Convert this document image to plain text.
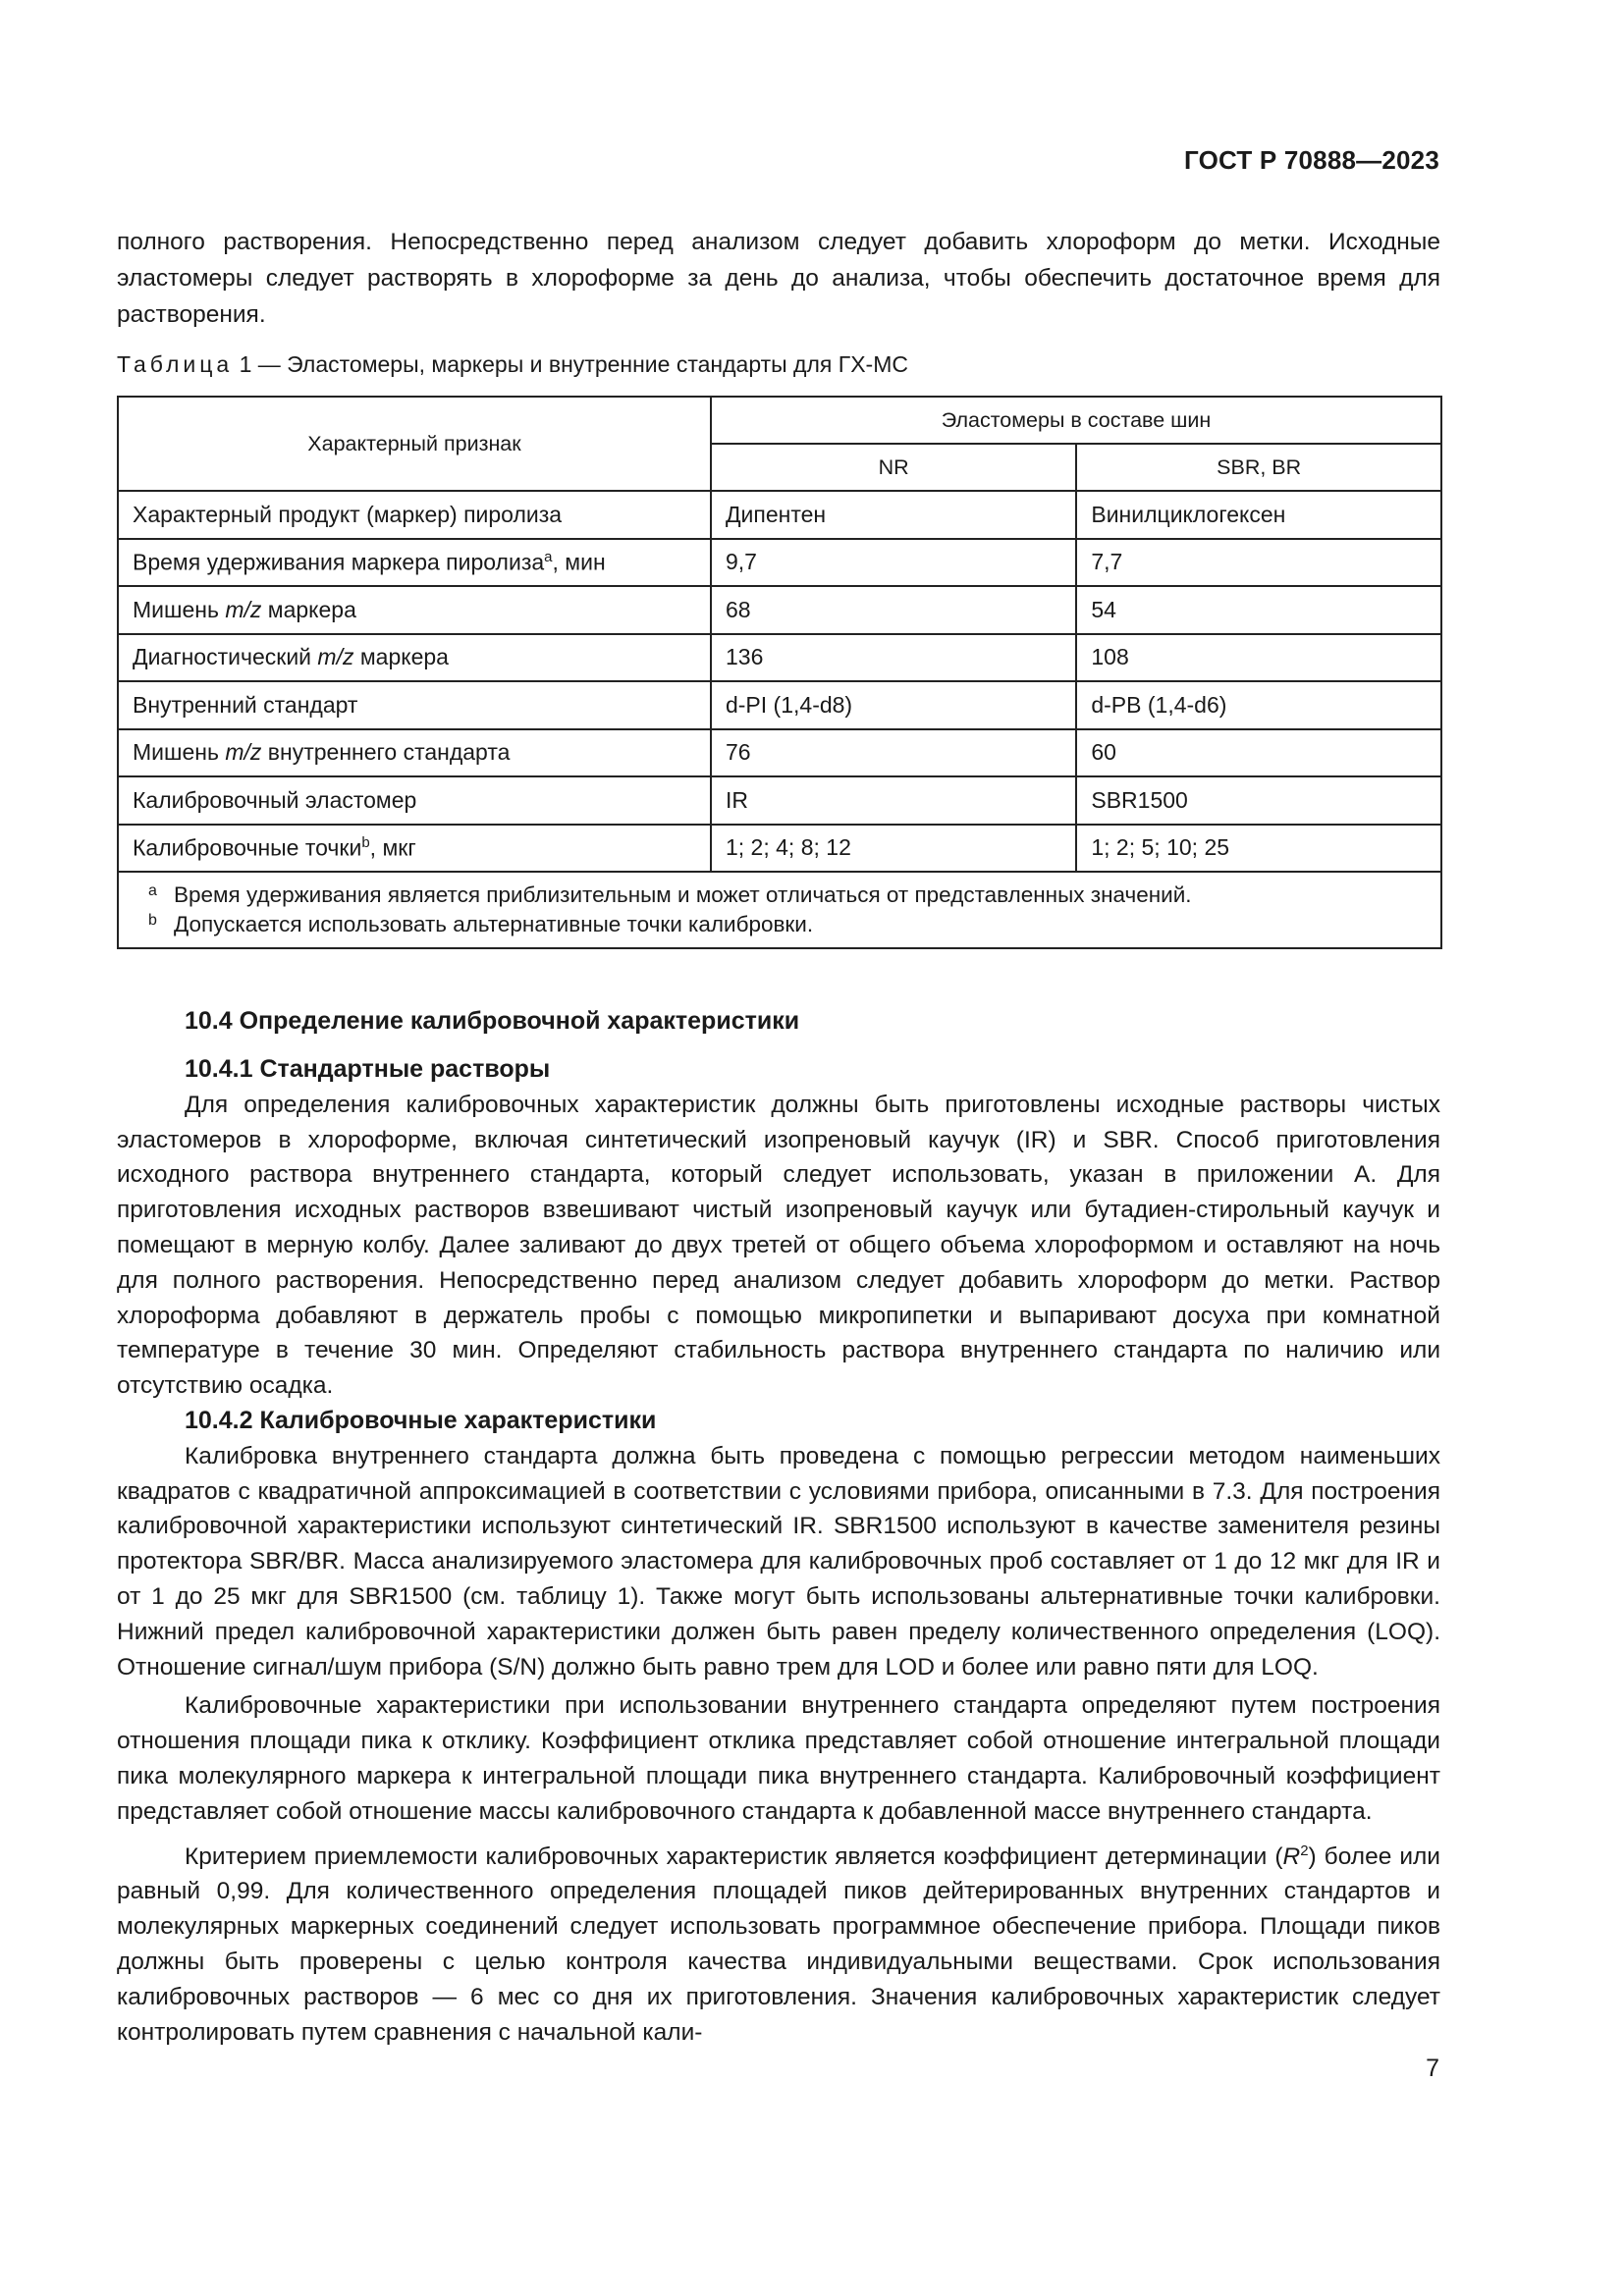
ГОСТ Р 70888—2023

полного растворения. Непосредственно перед анализом следует добавить хлороформ до метки. Исходные эластомеры следует растворять в хлороформе за день до анализа, чтобы обеспечить достаточное время для растворения.

Таблица 1 — Эластомеры, маркеры и внутренние стандарты для ГХ-МС
Характерный признак	Эластомеры в составе шин	
	NR	SBR, BR
Характерный продукт (маркер) пиролиза	Дипентен	Винилциклогексен
Время удерживания маркера пиролиза$^a$, мин	9,7	7,7
Мишень m/z маркера	68	54
Диагностический m/z маркера	136	108
Внутренний стандарт	d-PI (1,4-d8)	d-PB (1,4-d6)
Мишень m/z внутреннего стандарта	76	60
Калибровочный эластомер	IR	SBR1500
Калибровочные точки$^b$, мкг	1; 2; 4; 8; 12	1; 2; 5; 10; 25

a Время удерживания является приблизительным и может отличаться от представленных значений.
b Допускается использовать альтернативные точки калибровки.		
10.4 Определение калибровочной характеристики
10.4.1 Стандартные растворы

Для определения калибровочных характеристик должны быть приготовлены исходные растворы чистых эластомеров в хлороформе, включая синтетический изопреновый каучук (IR) и SBR. Способ приготовления исходного раствора внутреннего стандарта, который следует использовать, указан в приложении А. Для приготовления исходных растворов взвешивают чистый изопреновый каучук или бутадиен-стирольный каучук и помещают в мерную колбу. Далее заливают до двух третей от общего объема хлороформом и оставляют на ночь для полного растворения. Непосредственно перед анализом следует добавить хлороформ до метки. Раствор хлороформа добавляют в держатель пробы с помощью микропипетки и выпаривают досуха при комнатной температуре в течение 30 мин. Определяют стабильность раствора внутреннего стандарта по наличию или отсутствию осадка.

10.4.2 Калибровочные характеристики

Калибровка внутреннего стандарта должна быть проведена с помощью регрессии методом наименьших квадратов с квадратичной аппроксимацией в соответствии с условиями прибора, описанными в 7.3. Для построения калибровочной характеристики используют синтетический IR. SBR1500 используют в качестве заменителя резины протектора SBR/BR. Масса анализируемого эластомера для калибровочных проб составляет от 1 до 12 мкг для IR и от 1 до 25 мкг для SBR1500 (см. таблицу 1). Также могут быть использованы альтернативные точки калибровки. Нижний предел калибровочной характеристики должен быть равен пределу количественного определения (LOQ). Отношение сигнал/шум прибора (S/N) должно быть равно трем для LOD и более или равно пяти для LOQ.

Калибровочные характеристики при использовании внутреннего стандарта определяют путем построения отношения площади пика к отклику. Коэффициент отклика представляет собой отношение интегральной площади пика молекулярного маркера к интегральной площади пика внутреннего стандарта. Калибровочный коэффициент представляет собой отношение массы калибровочного стандарта к добавленной массе внутреннего стандарта.

Критерием приемлемости калибровочных характеристик является коэффициент детерминации $(R^2)$ более или равный 0,99. Для количественного определения площадей пиков дейтерированных внутренних стандартов и молекулярных маркерных соединений следует использовать программное обеспечение прибора. Площади пиков должны быть проверены с целью контроля качества индивидуальными веществами. Срок использования калибровочных растворов — 6 мес со дня их приготовления. Значения калибровочных характеристик следует контролировать путем сравнения с начальной кали-

7
